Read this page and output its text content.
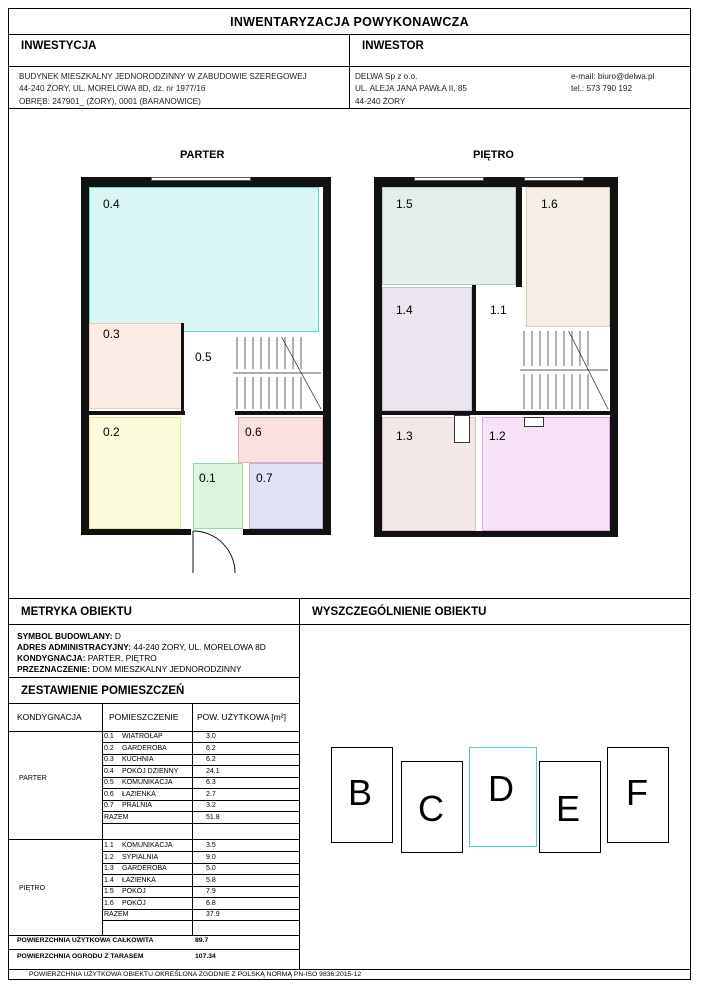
INWENTARYZACJA POWYKONAWCZA
INWESTYCJA	INWESTOR
BUDYNEK MIESZKALNY JEDNORODZINNY W ZABUDOWIE SZEREGOWEJ
44-240 ŻORY, UL. MORELOWA 8D, dz. nr 1977/16
OBRĘB: 247901_ (ŻORY), 0001 (BARANOWICE)
DELWA Sp z o.o.
UL. ALEJA JANA PAWŁA II, 85
44-240 ŻORY
e-mail: biuro@delwa.pl
tel.: 573 790 192
PARTER	PIĘTRO
0.4
0.3
0.5
0.2	0.6
0.1	0.7
1.5	1.6
1.4	1.1
1.3	1.2
METRYKA OBIEKTU	WYSZCZEGÓLNIENIE OBIEKTU
SYMBOL BUDOWLANY: D
ADRES ADMINISTRACYJNY: 44-240 ŻORY, UL. MORELOWA 8D
KONDYGNACJA: PARTER, PIĘTRO
PRZEZNACZENIE: DOM MIESZKALNY JEDNORODZINNY
ZESTAWIENIE POMIESZCZEŃ
KONDYGNACJA	POMIESZCZENIE POW. UŻYTKOWA [m²]
PARTER
0.1	WIATROŁAP	3.0
0.2	GARDEROBA	6.2
0.3	KUCHNIA	6.2
0.4	POKÓJ DZIENNY	24.1
0.5	KOMUNIKACJA	6.3
0.6	ŁAZIENKA	2.7
0.7	PRALNIA	3.2
RAZEM		51.8
PIĘTRO
1.1	KOMUNIKACJA	3.5
1.2	SYPIALNIA	9.0
1.3	GARDEROBA	5.0
1.4	ŁAZIENKA	5.8
1.5	POKÓJ	7.9
1.6	POKÓJ	6.8
RAZEM		37.9
POWIERZCHNIA UŻYTKOWA CAŁKOWITA	89.7
POWIERZCHNIA OGRODU Z TARASEM	107.34
B C D E F
POWIERZCHNIA UŻYTKOWA OBIEKTU OKREŚLONA ZGODNIE Z POLSKĄ NORMĄ PN-ISO 9836:2015-12
